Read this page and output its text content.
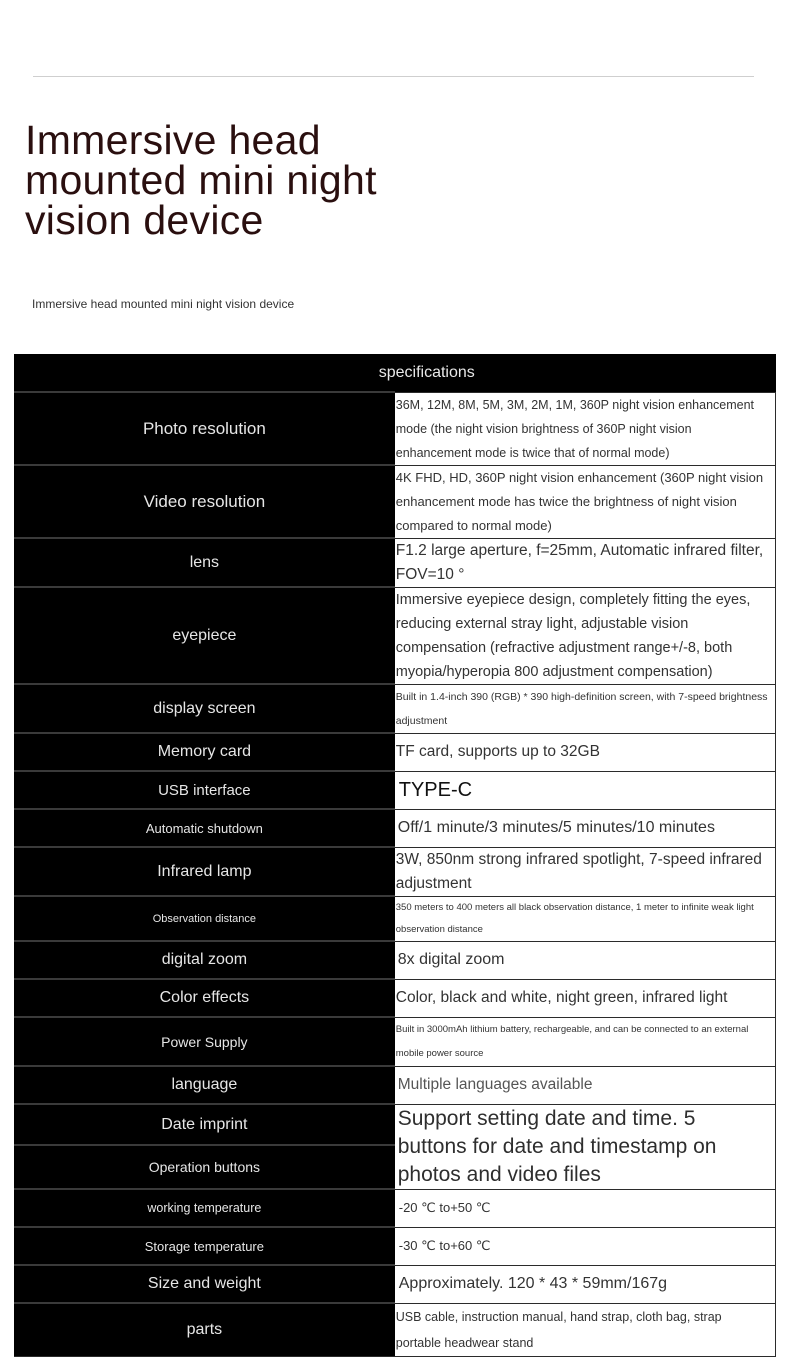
Immersive head mounted mini night vision device
Immersive head mounted mini night vision device
specifications	
Photo resolution	36M, 12M, 8M, 5M, 3M, 2M, 1M, 360P night vision enhancement mode (the night vision brightness of 360P night vision enhancement mode is twice that of normal mode)
Video resolution	4K FHD, HD, 360P night vision enhancement (360P night vision enhancement mode has twice the brightness of night vision compared to normal mode)
lens	F1.2 large aperture, f=25mm, Automatic infrared filter, FOV=10 °
eyepiece	Immersive eyepiece design, completely fitting the eyes, reducing external stray light, adjustable vision compensation (refractive adjustment range+/-8, both myopia/hyperopia 800 adjustment compensation)
display screen	Built in 1.4-inch 390 (RGB) * 390 high-definition screen, with 7-speed brightness adjustment
Memory card	TF card, supports up to 32GB
USB interface	TYPE-C
Automatic shutdown	Off/1 minute/3 minutes/5 minutes/10 minutes
Infrared lamp	3W, 850nm strong infrared spotlight, 7-speed infrared adjustment
Observation distance	350 meters to 400 meters all black observation distance, 1 meter to infinite weak light observation distance
digital zoom	8x digital zoom
Color effects	Color, black and white, night green, infrared light
Power Supply	Built in 3000mAh lithium battery, rechargeable, and can be connected to an external mobile power source
language	Multiple languages available
Date imprint	Support setting date and time. 5 buttons for date and timestamp on photos and video files
Operation buttons	
working temperature	-20 ℃ to+50 ℃
Storage temperature	-30 ℃ to+60 ℃
Size and weight	Approximately. 120 * 43 * 59mm/167g
parts	USB cable, instruction manual, hand strap, cloth bag, strap portable headwear stand
